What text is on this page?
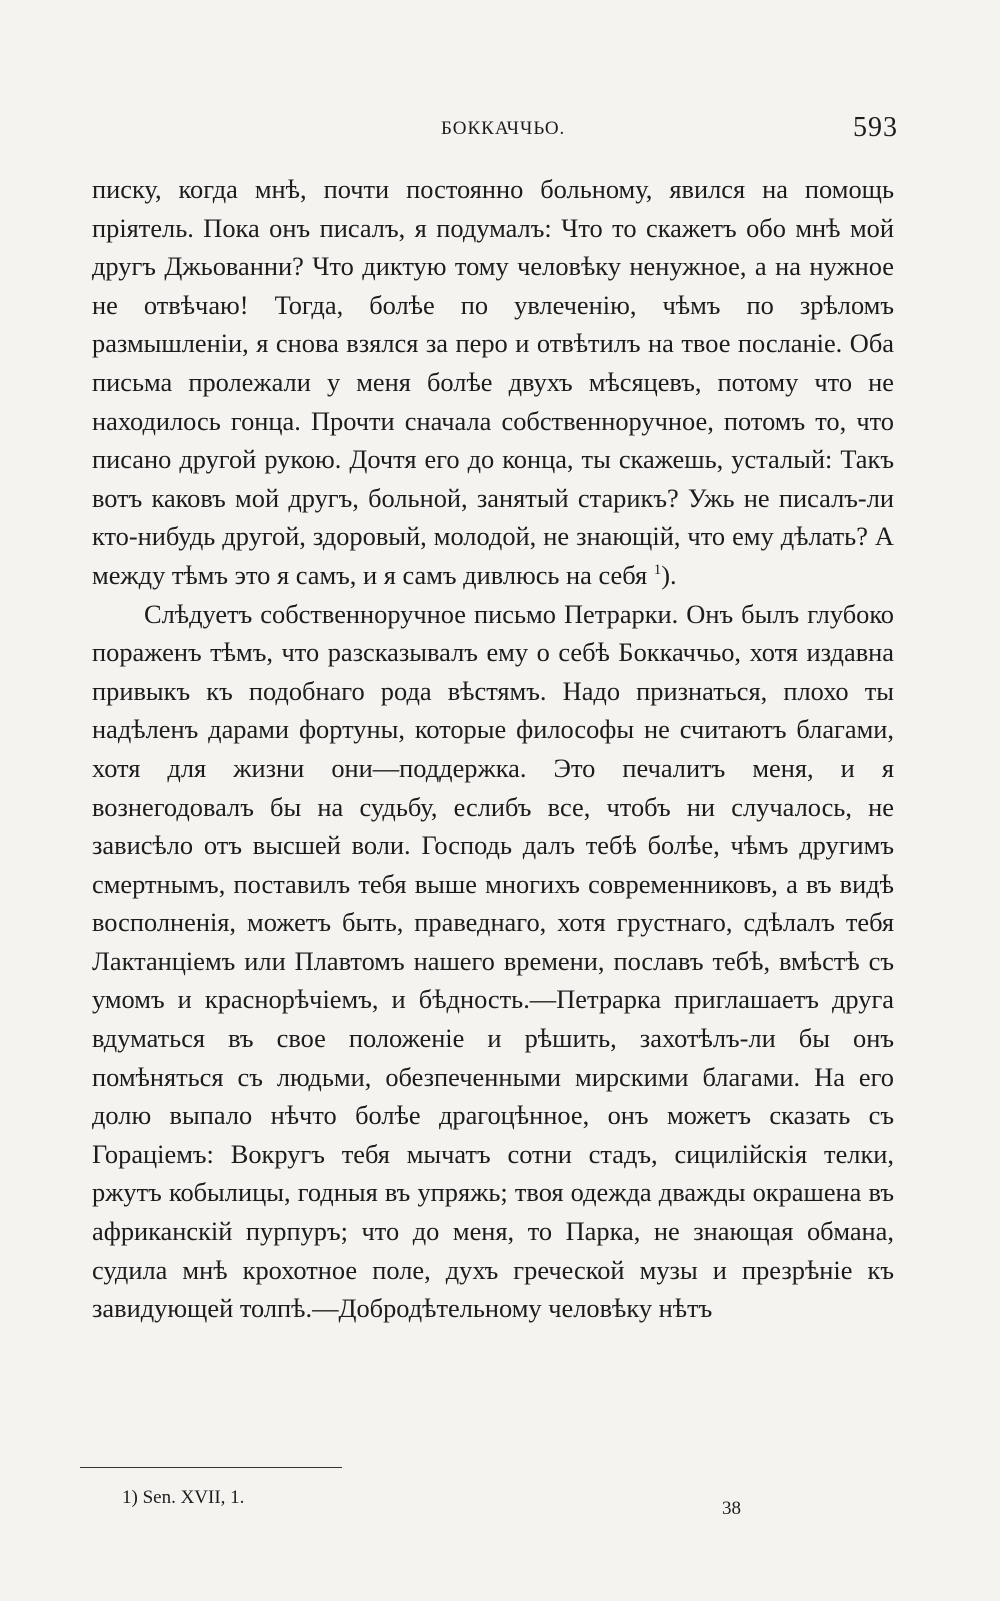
БОККАЧЧЬО.	593

писку, когда мнѣ, почти постоянно больному, явился на помощь пріятель. Пока онъ писалъ, я подумалъ: Что то скажетъ обо мнѣ мой другъ Джьованни? Что диктую тому человѣку ненужное, а на нужное не отвѣчаю! Тогда, болѣе по увлеченію, чѣмъ по зрѣломъ размышленіи, я снова взялся за перо и отвѣтилъ на твое посланіе. Оба письма пролежали у меня болѣе двухъ мѣсяцевъ, потому что не находилось гонца. Прочти сначала собственноручное, потомъ то, что писано другой рукою. Дочтя его до конца, ты скажешь, усталый: Такъ вотъ каковъ мой другъ, больной, занятый старикъ? Ужь не писалъ-ли кто-нибудь другой, здоровый, молодой, не знающій, что ему дѣлать? А между тѣмъ это я самъ, и я самъ дивлюсь на себя $^1$).

Слѣдуетъ собственноручное письмо Петрарки. Онъ былъ глубоко пораженъ тѣмъ, что разсказывалъ ему о себѣ Боккаччьо, хотя издавна привыкъ къ подобнаго рода вѣстямъ. Надо признаться, плохо ты надѣленъ дарами фортуны, которые философы не считаютъ благами, хотя для жизни они—поддержка. Это печалитъ меня, и я вознегодовалъ бы на судьбу, еслибъ все, чтобъ ни случалось, не зависѣло отъ высшей воли. Господь далъ тебѣ болѣе, чѣмъ другимъ смертнымъ, поставилъ тебя выше многихъ современниковъ, а въ видѣ восполненія, можетъ быть, праведнаго, хотя грустнаго, сдѣлалъ тебя Лактанціемъ или Плавтомъ нашего времени, пославъ тебѣ, вмѣстѣ съ умомъ и краснорѣчіемъ, и бѣдность.—Петрарка приглашаетъ друга вдуматься въ свое положеніе и рѣшить, захотѣлъ-ли бы онъ помѣняться съ людьми, обезпеченными мирскими благами. На его долю выпало нѣчто болѣе драгоцѣнное, онъ можетъ сказать съ Гораціемъ: Вокругъ тебя мычатъ сотни стадъ, сицилійскія телки, ржутъ кобылицы, годныя въ упряжь; твоя одежда дважды окрашена въ африканскій пурпуръ; что до меня, то Парка, не знающая обмана, судила мнѣ крохотное поле, духъ греческой музы и презрѣніе къ завидующей толпѣ.—Добродѣтельному человѣку нѣтъ

1) Sen. XVII, 1.
38
